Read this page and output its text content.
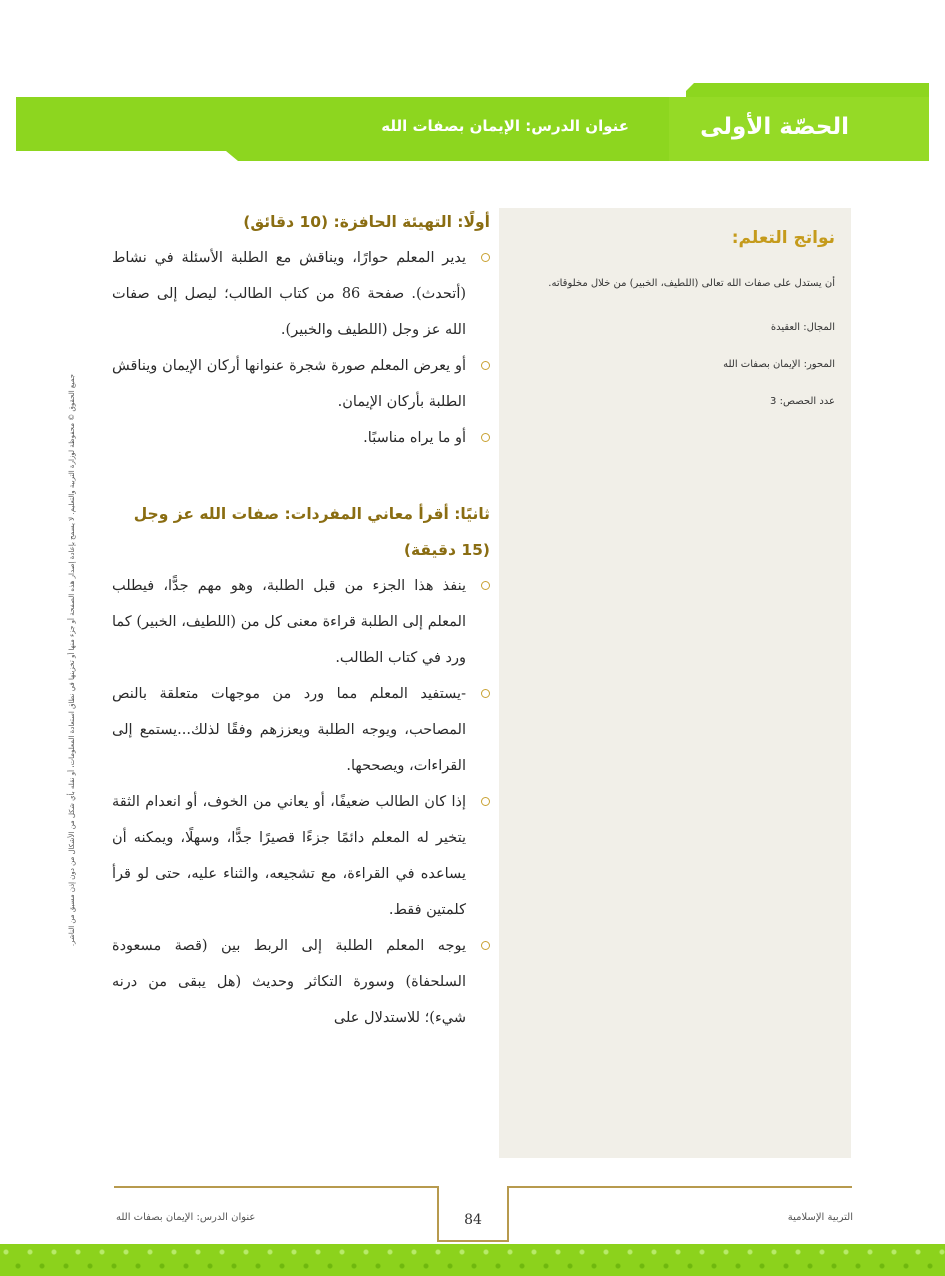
الحصّة الأولى
عنوان الدرس: الإيمان بصفات الله
جميع الحقوق © محفوظة لوزارة التربية والتعليم. لا يسمح بإعادة إصدار هذه الصفحة أو جزء منها أو تخزينها في نطاق استعادة المعلومات، أو نقله بأي شكل من الأشكال من دون إذن مسبق من الناشر.
نواتج التعلم:
أن يستدل على صفات الله تعالى (اللطيف، الخبير) من خلال مخلوقاته.
المجال: العقيدة
المحور: الإيمان بصفات الله
عدد الحصص: 3
أولًا: التهيئة الحافزة: (10 دقائق)
يدير المعلم حوارًا، ويناقش مع الطلبة الأسئلة في نشاط (أتحدث). صفحة 86 من كتاب الطالب؛ ليصل إلى صفات الله عز وجل (اللطيف والخبير).
أو يعرض المعلم صورة شجرة عنوانها أركان الإيمان ويناقش الطلبة بأركان الإيمان.
أو ما يراه مناسبًا.
ثانيًا: أقرأ معاني المفردات: صفات الله عز وجل (15 دقيقة)
ينفذ هذا الجزء من قبل الطلبة، وهو مهم جدًّا، فيطلب المعلم إلى الطلبة قراءة معنى كل من (اللطيف، الخبير) كما ورد في كتاب الطالب.
-يستفيد المعلم مما ورد من موجهات متعلقة بالنص المصاحب، ويوجه الطلبة ويعززهم وفقًا لذلك...يستمع إلى القراءات، ويصححها.
إذا كان الطالب ضعيفًا، أو يعاني من الخوف، أو انعدام الثقة يتخير له المعلم دائمًا جزءًا قصيرًا جدًّا، وسهلًا، ويمكنه أن يساعده في القراءة، مع تشجيعه، والثناء عليه، حتى لو قرأ كلمتين فقط.
يوجه المعلم الطلبة إلى الربط بين (قصة مسعودة السلحفاة) وسورة التكاثر وحديث (هل يبقى من درنه شيء)؛ للاستدلال على
84	التربية الإسلامية
عنوان الدرس: الإيمان بصفات الله
